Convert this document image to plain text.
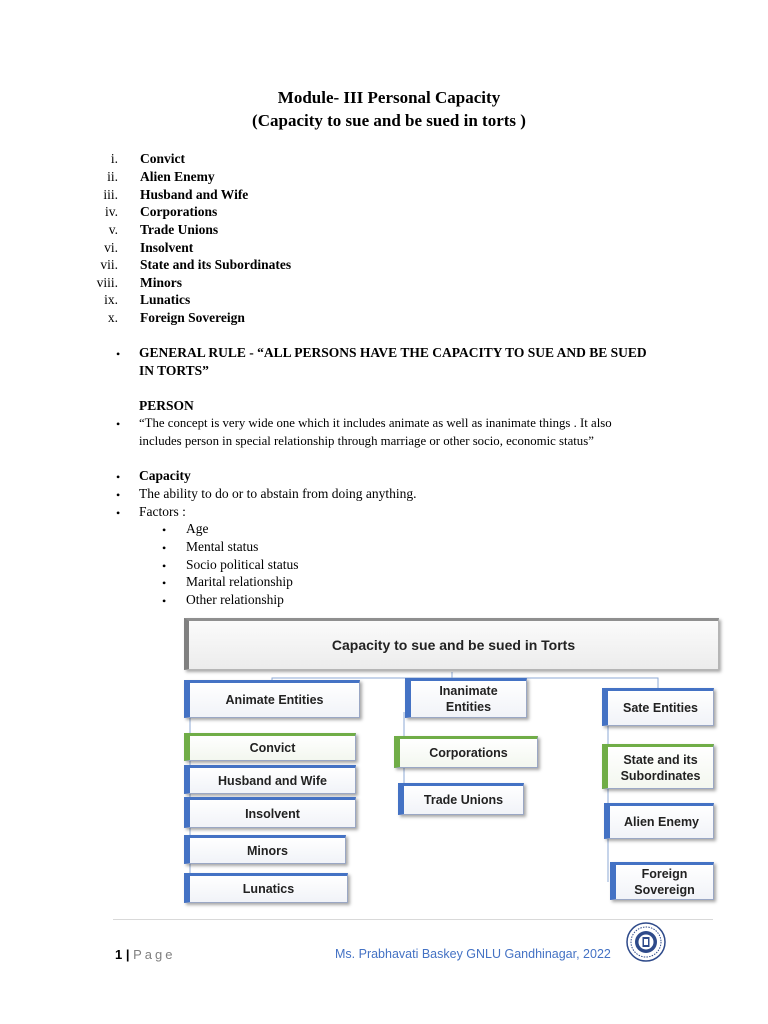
Module- III Personal Capacity
(Capacity to sue and be sued in torts )
i. Convict
ii. Alien Enemy
iii. Husband and Wife
iv. Corporations
v. Trade Unions
vi. Insolvent
vii. State and its Subordinates
viii. Minors
ix. Lunatics
x. Foreign Sovereign
• GENERAL RULE - “ALL PERSONS HAVE THE CAPACITY TO SUE AND BE SUED
IN TORTS”
PERSON
• “The concept is very wide one which it includes animate as well as inanimate things . It also
includes person in special relationship through marriage or other socio, economic status”
• Capacity
• The ability to do or to abstain from doing anything.
• Factors :
• Age
• Mental status
• Socio political status
• Marital relationship
• Other relationship
Capacity to sue and be sued in Torts
Animate Entities
Convict
Husband and Wife
Insolvent
Minors
Lunatics
Inanimate Entities
Corporations
Trade Unions
Sate Entities
State and its Subordinates
Alien Enemy
Foreign Sovereign
1 | Page	Ms. Prabhavati Baskey GNLU Gandhinagar, 2022
